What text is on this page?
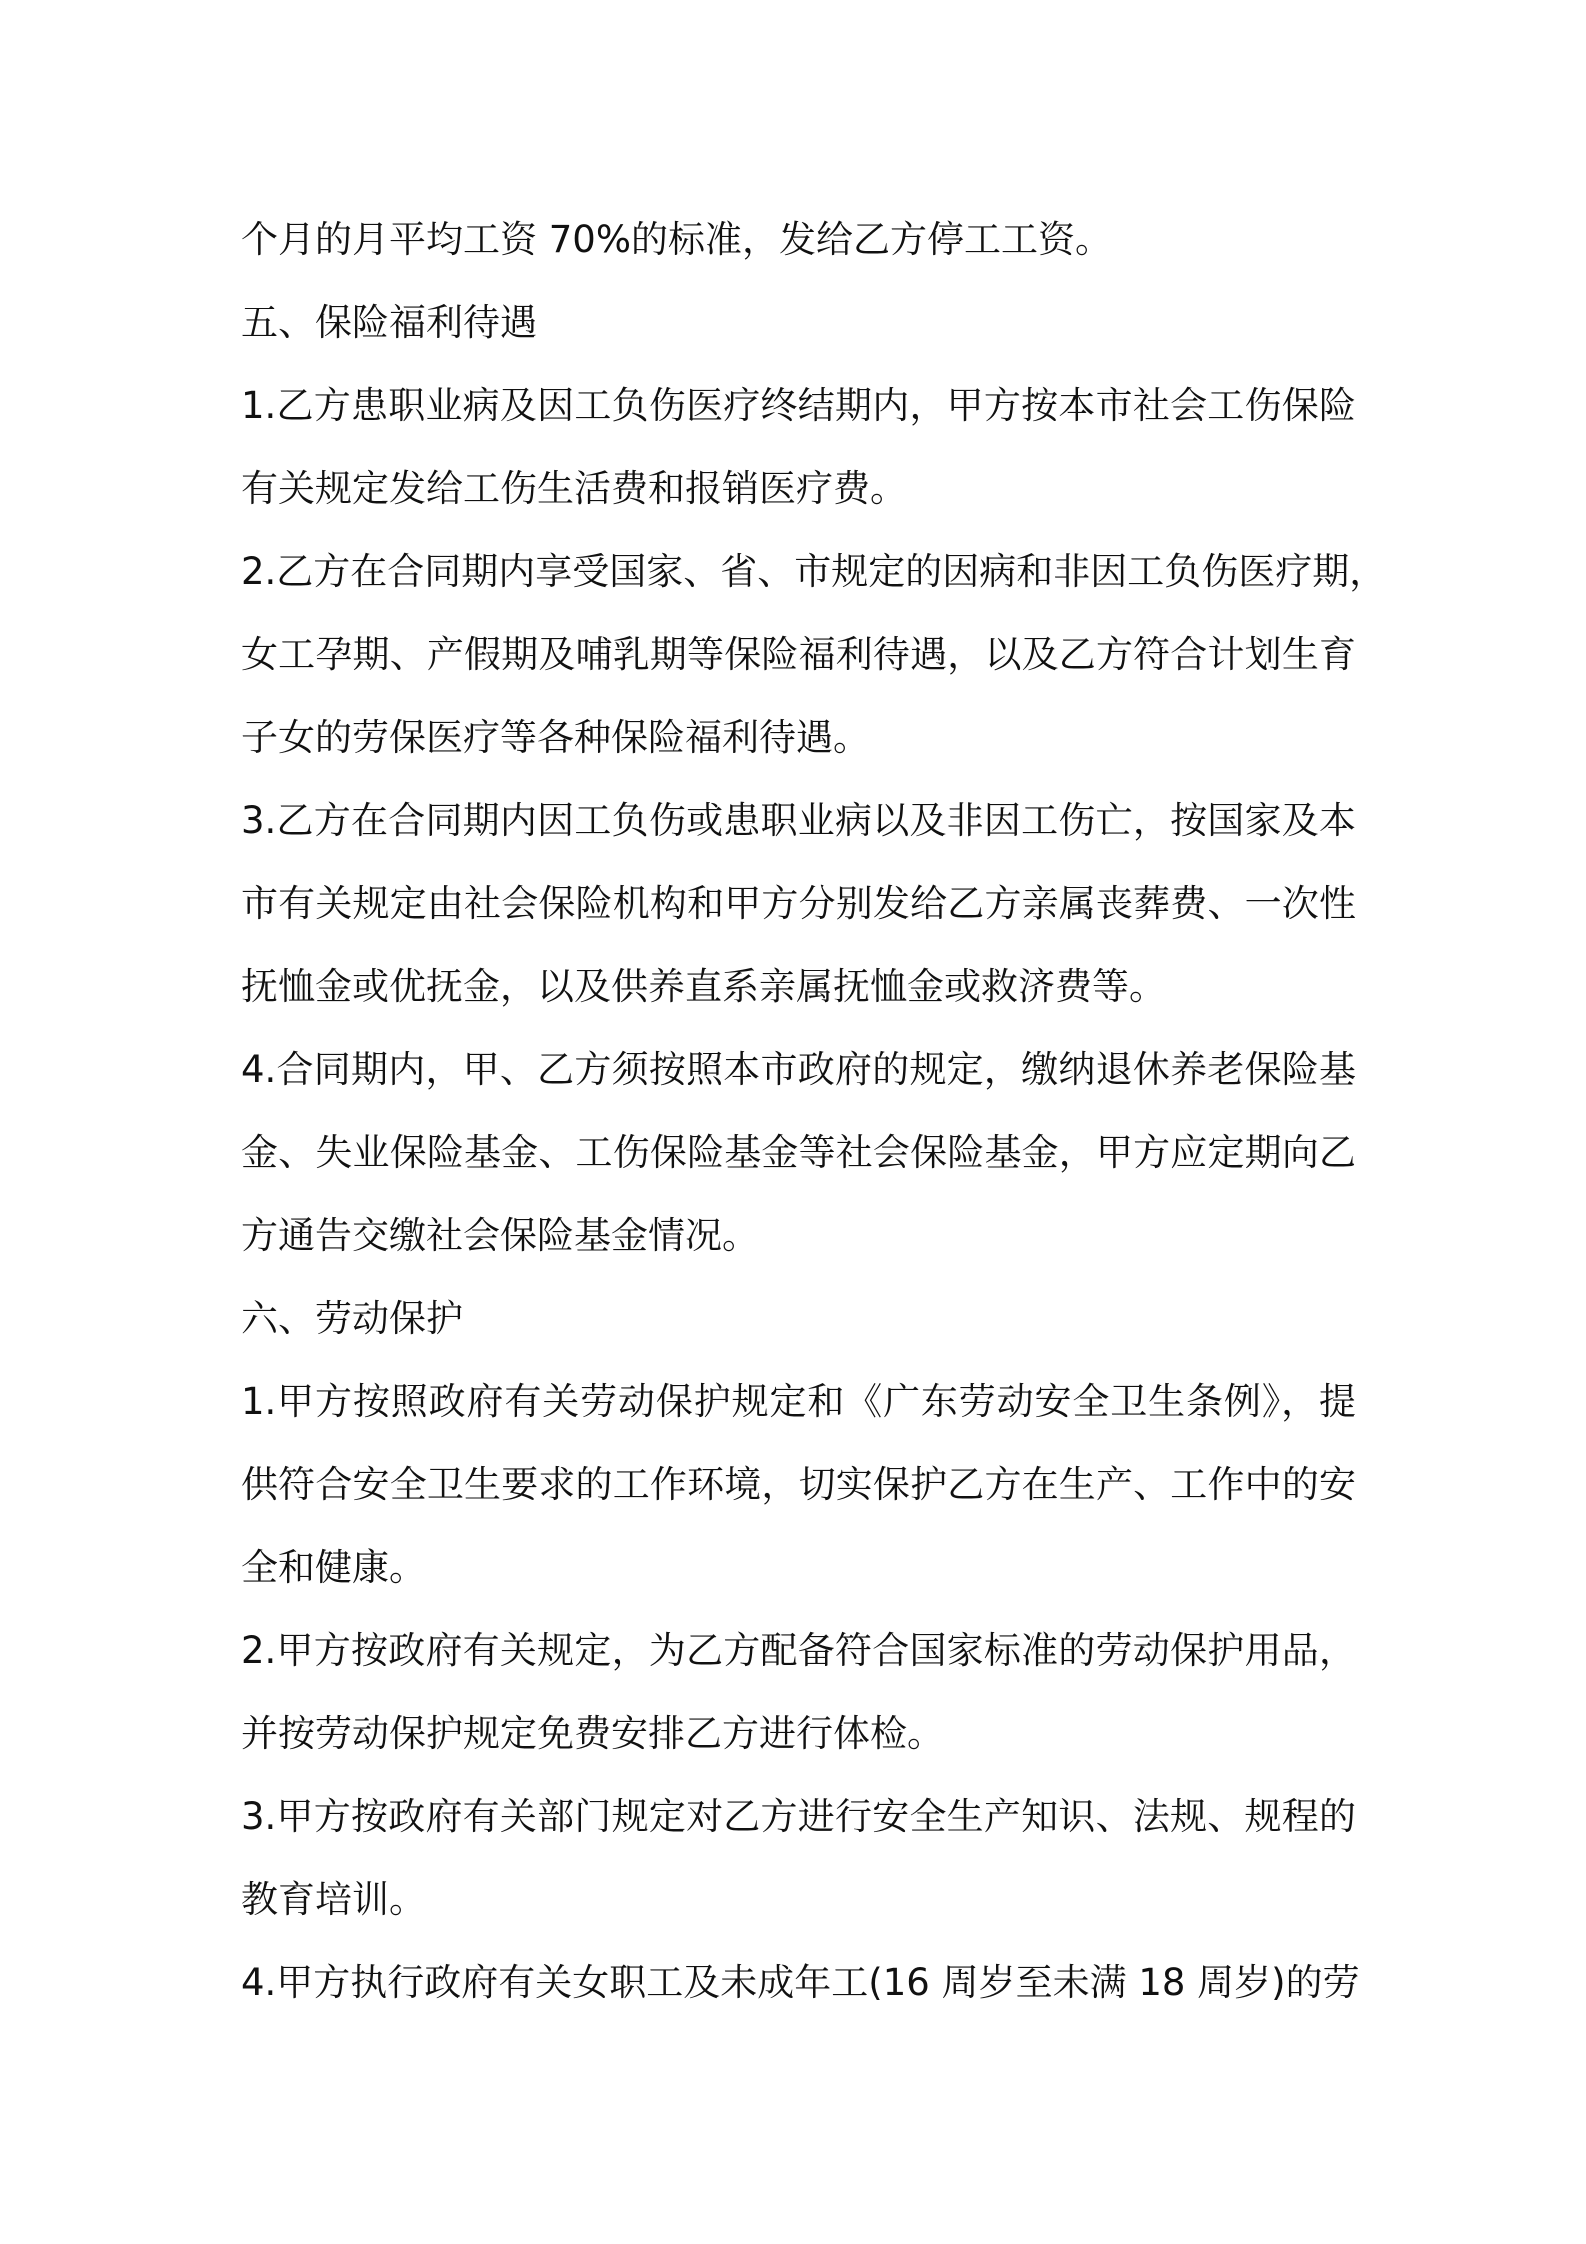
个月的月平均工资 70%的标准，发给乙方停工工资。

五、保险福利待遇

1.乙方患职业病及因工负伤医疗终结期内，甲方按本市社会工伤保险
有关规定发给工伤生活费和报销医疗费。

2.乙方在合同期内享受国家、省、市规定的因病和非因工负伤医疗期，
女工孕期、产假期及哺乳期等保险福利待遇，以及乙方符合计划生育
子女的劳保医疗等各种保险福利待遇。

3.乙方在合同期内因工负伤或患职业病以及非因工伤亡，按国家及本
市有关规定由社会保险机构和甲方分别发给乙方亲属丧葬费、一次性
抚恤金或优抚金，以及供养直系亲属抚恤金或救济费等。

4.合同期内，甲、乙方须按照本市政府的规定，缴纳退休养老保险基
金、失业保险基金、工伤保险基金等社会保险基金，甲方应定期向乙
方通告交缴社会保险基金情况。

六、劳动保护

1.甲方按照政府有关劳动保护规定和《广东劳动安全卫生条例》，提
供符合安全卫生要求的工作环境，切实保护乙方在生产、工作中的安
全和健康。

2.甲方按政府有关规定，为乙方配备符合国家标准的劳动保护用品，
并按劳动保护规定免费安排乙方进行体检。

3.甲方按政府有关部门规定对乙方进行安全生产知识、法规、规程的
教育培训。

4.甲方执行政府有关女职工及未成年工(16 周岁至未满 18 周岁)的劳
